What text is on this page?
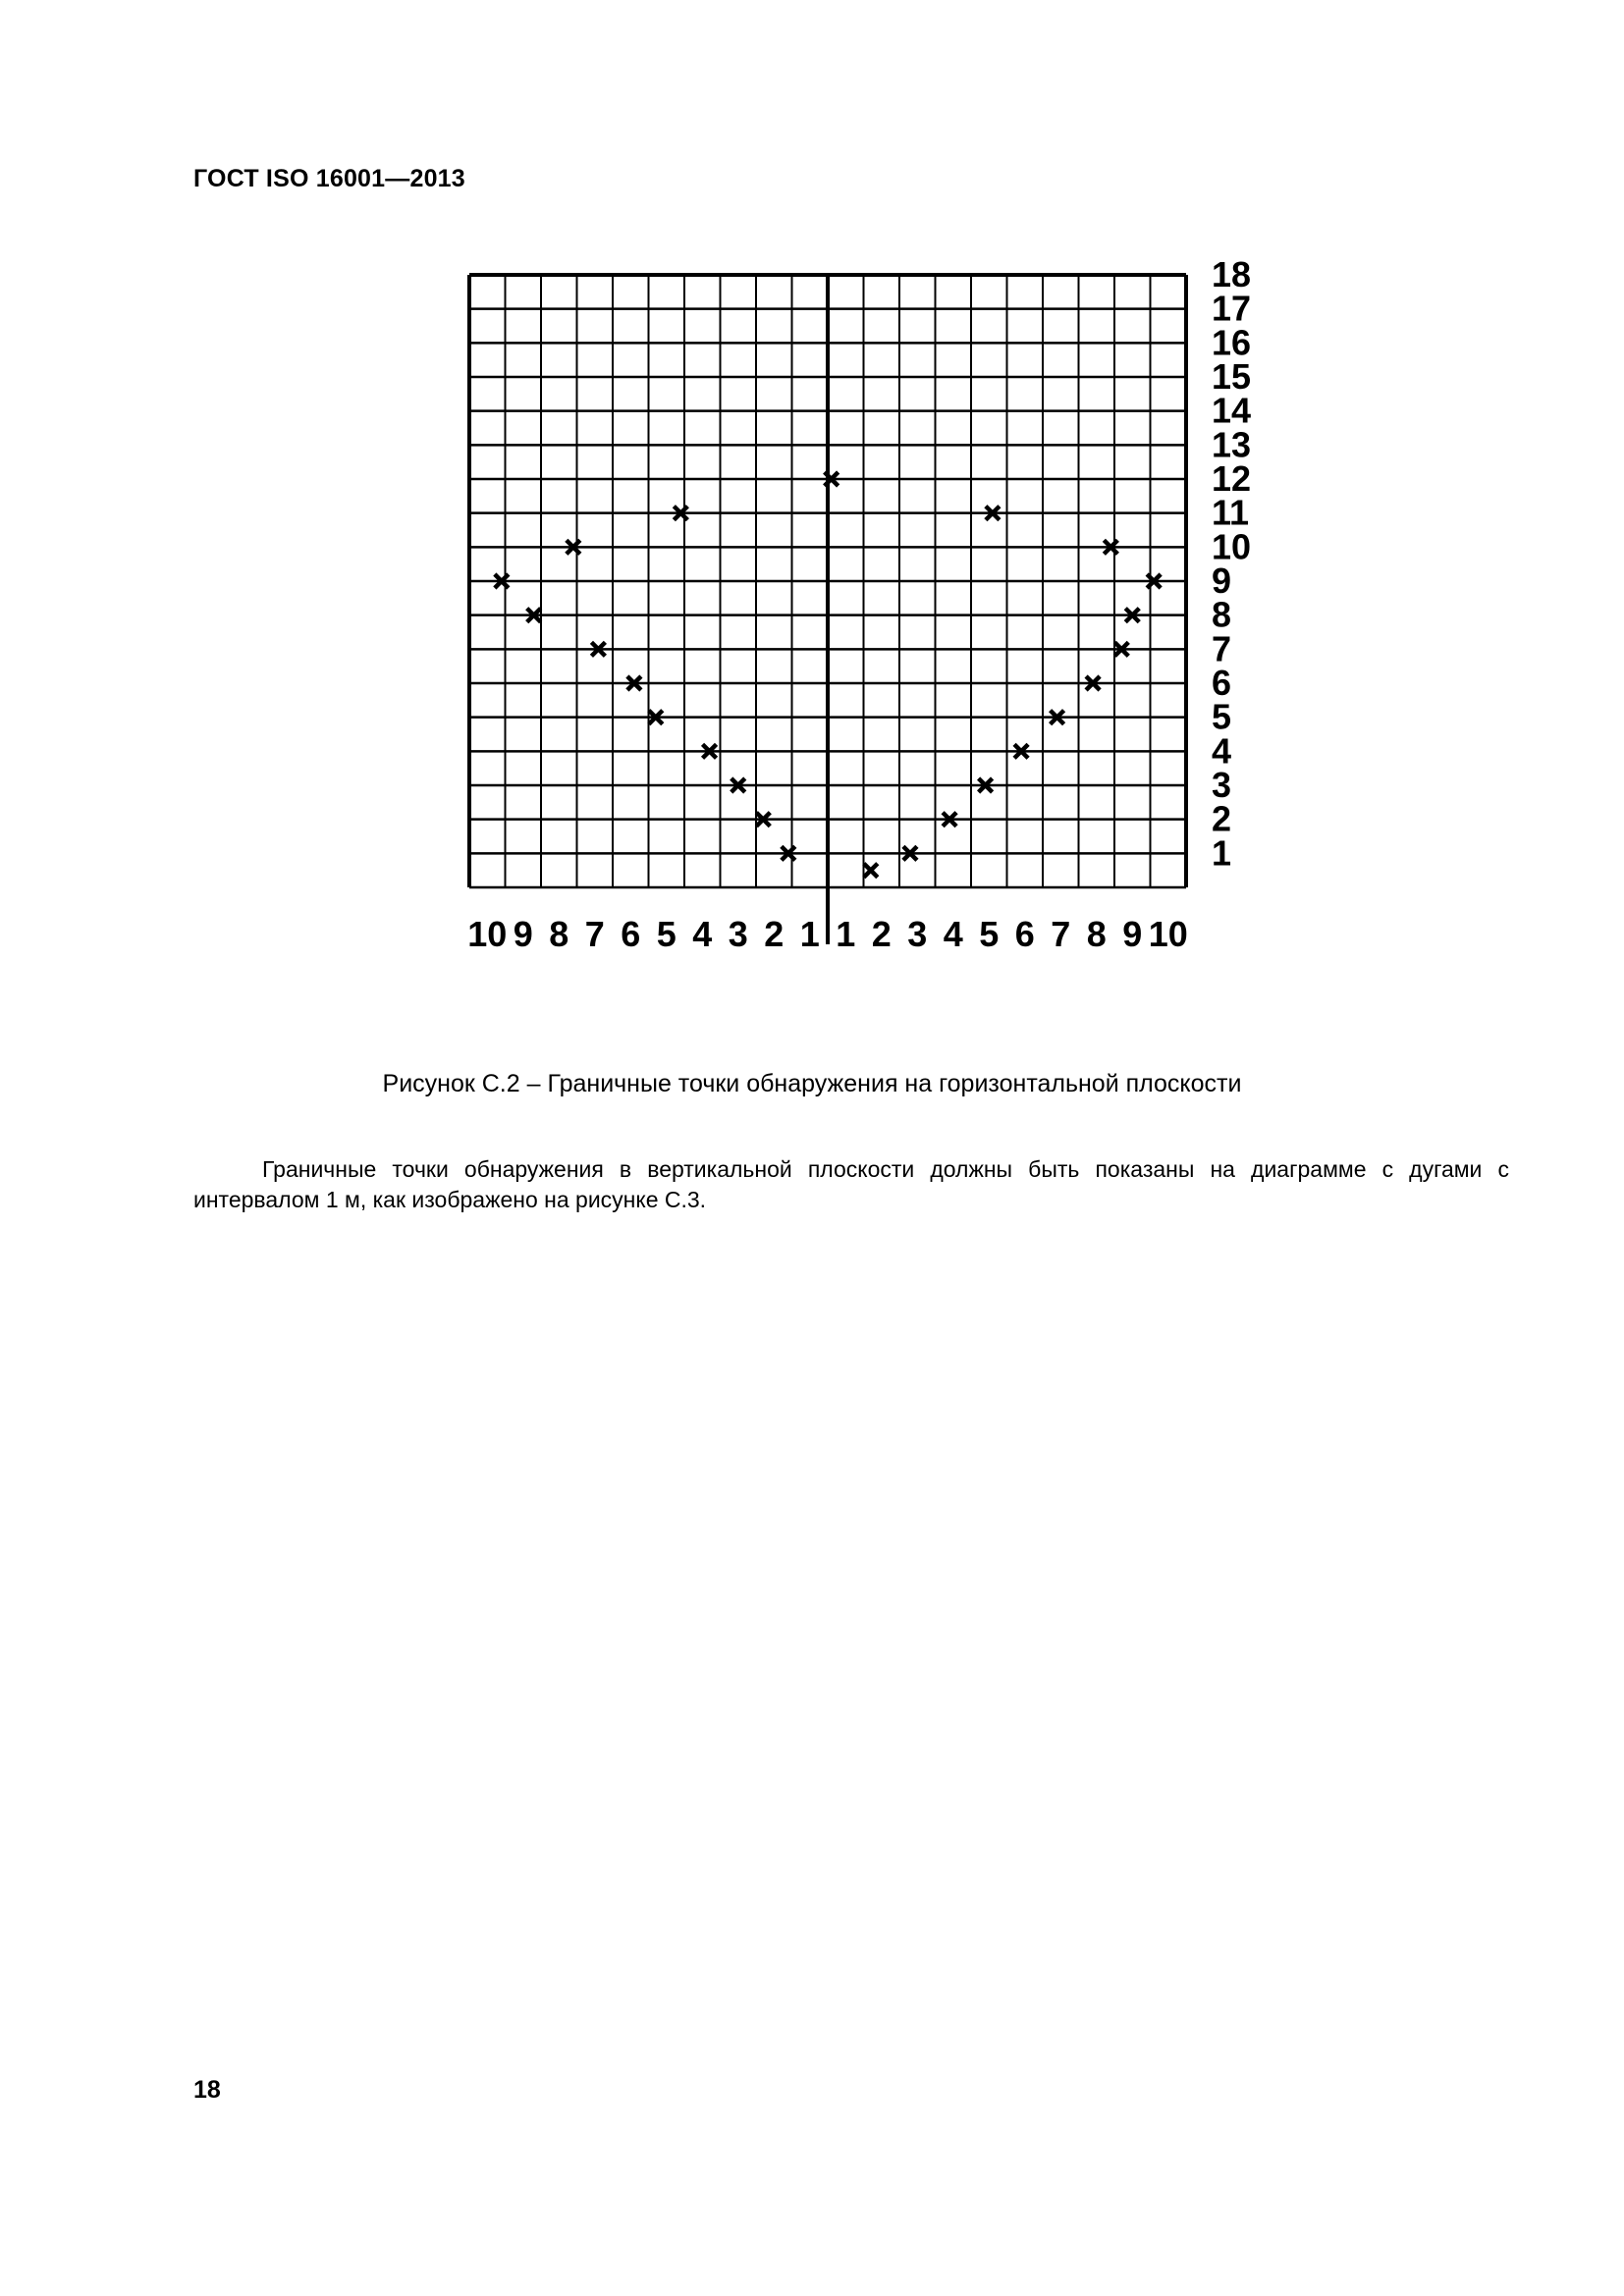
ГОСТ ISO 16001—2013
10 9 8 7 6 5 4 3 2 1 1 2 3 4 5 6 7 8 9 10
1
2
3
4
5
6
7
8
9
10
11
12
13
14
15
16
17
18
Рисунок С.2 – Граничные точки обнаружения на горизонтальной плоскости

Граничные точки обнаружения в вертикальной плоскости должны быть показаны на диаграмме с дугами с интервалом 1 м, как изображено на рисунке С.3.

18
